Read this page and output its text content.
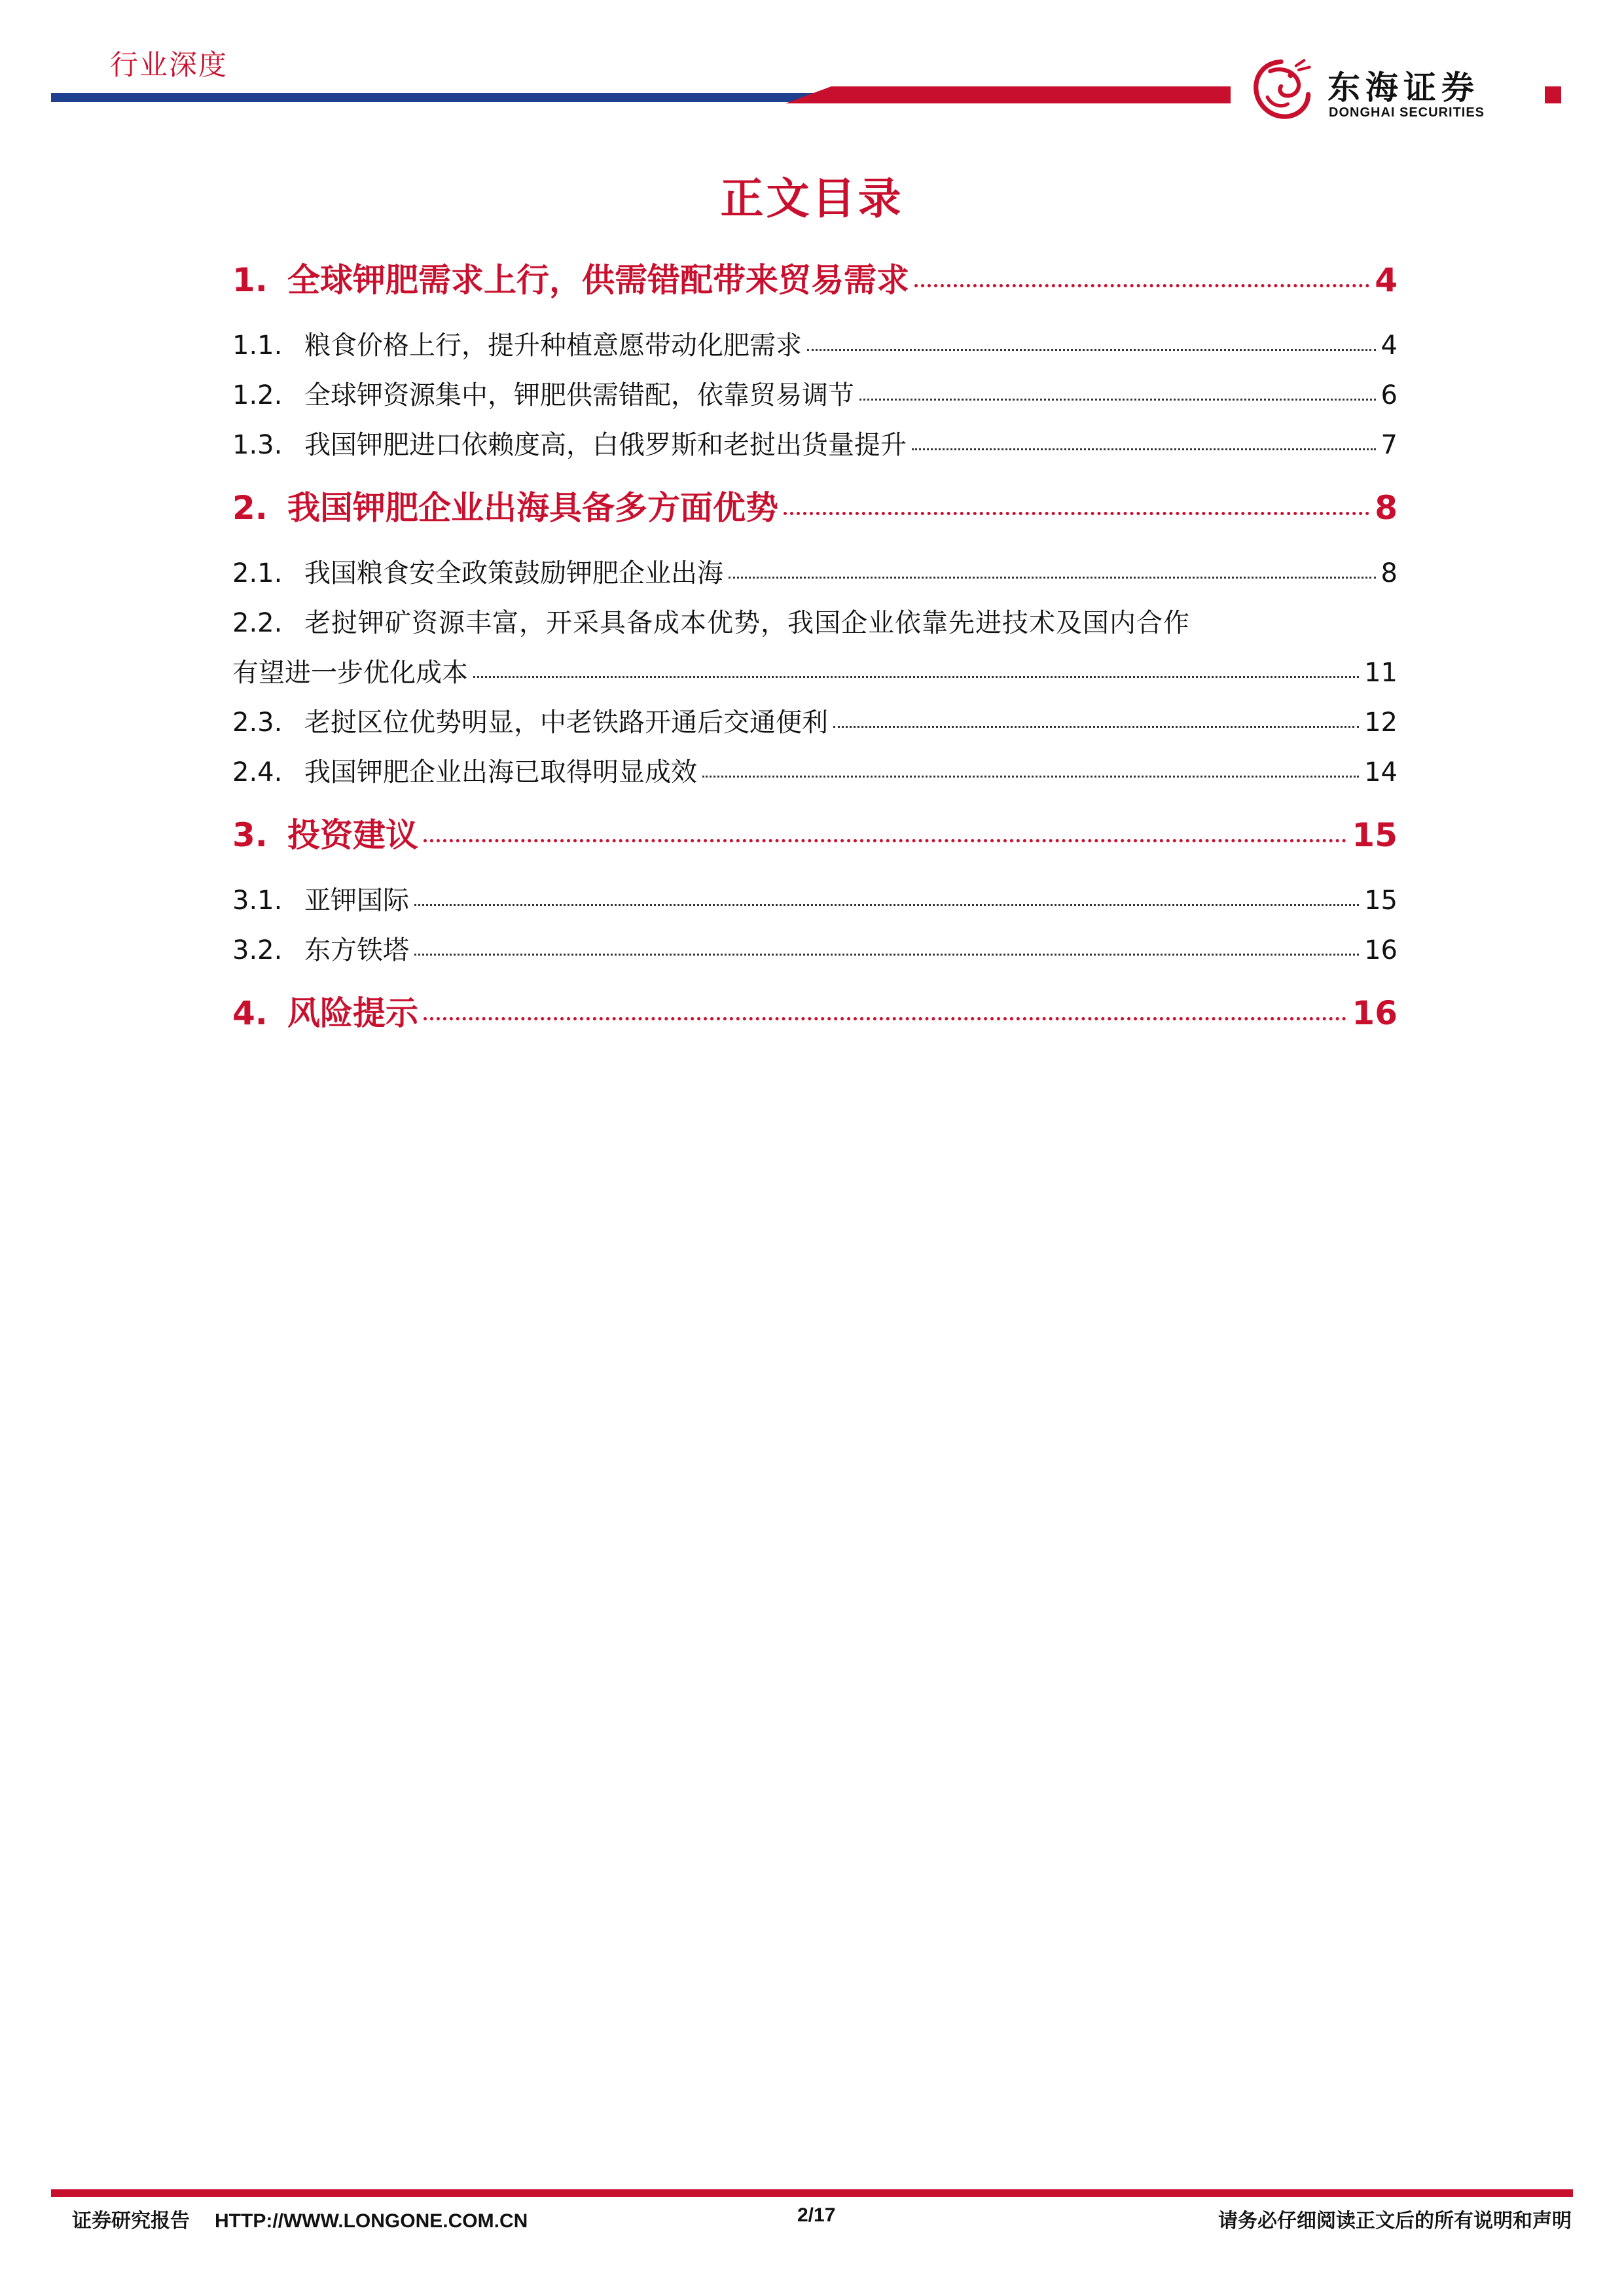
行业深度
东海证券
DONGHAI SECURITIES
正文目录
1. 全球钾肥需求上行，供需错配带来贸易需求	4
1.1. 粮食价格上行，提升种植意愿带动化肥需求	4
1.2. 全球钾资源集中，钾肥供需错配，依靠贸易调节	6
1.3. 我国钾肥进口依赖度高，白俄罗斯和老挝出货量提升	7
2. 我国钾肥企业出海具备多方面优势	8
2.1. 我国粮食安全政策鼓励钾肥企业出海	8
2.2. 老挝钾矿资源丰富，开采具备成本优势，我国企业依靠先进技术及国内合作
有望进一步优化成本	11
2.3. 老挝区位优势明显，中老铁路开通后交通便利	12
2.4. 我国钾肥企业出海已取得明显成效	14
3. 投资建议	15
3.1. 亚钾国际	15
3.2. 东方铁塔	16
4. 风险提示	16
证券研究报告 HTTP://WWW.LONGONE.COM.CN	2/17	请务必仔细阅读正文后的所有说明和声明
